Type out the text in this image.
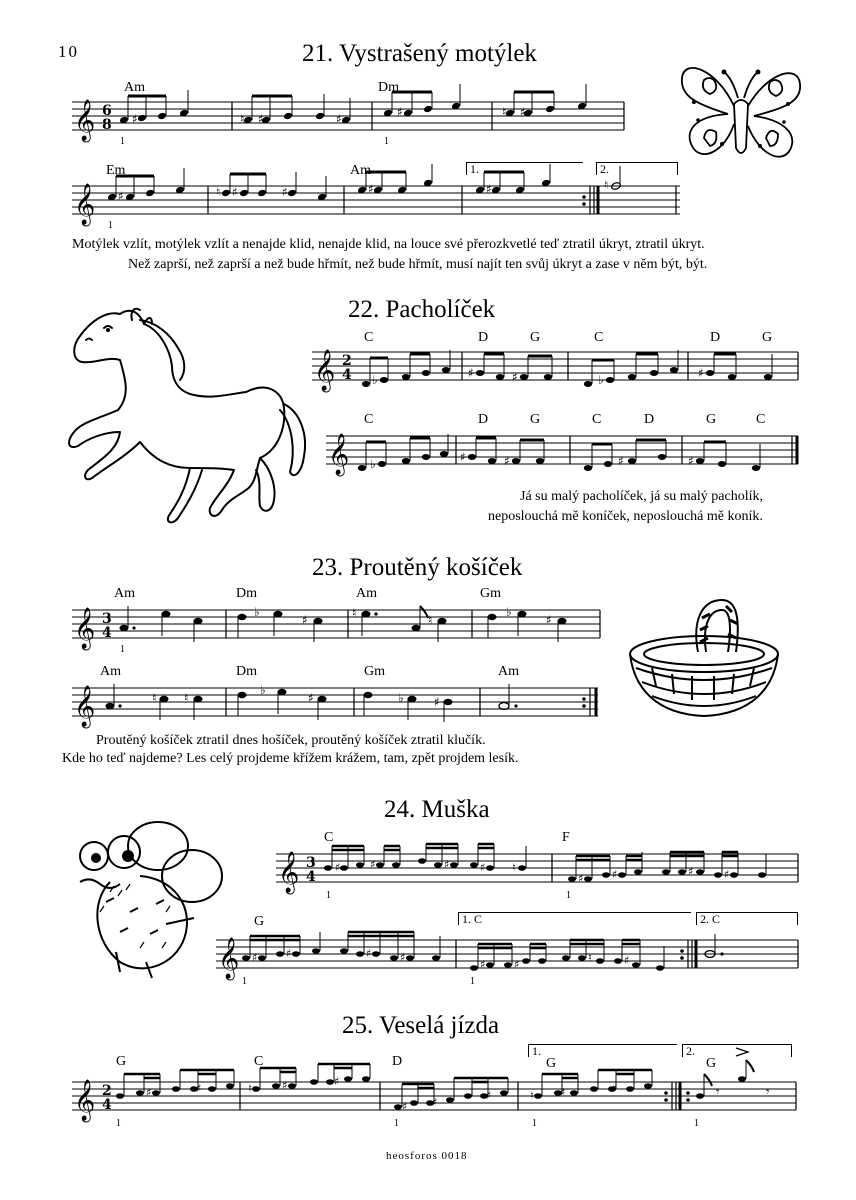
10	21. Vystrašený motýlek
Am	Dm
𝄞 6
8 ♯	♮ ♯	♯	♯	♮ ♯
1	1
Em	Am	1.	2.
𝄞 ♯	♮ ♯	♯	♯	♯	♮
1
Motýlek vzlít, motýlek vzlít a nenajde klid, nenajde klid, na louce své přerozkvetlé teď ztratil úkryt, ztratil úkryt.
Než zaprší, než zaprší a než bude hřmít, než bude hřmít, musí najít ten svůj úkryt a zase v něm být, být.
22. Pacholíček
C	D	G	C	D	G
𝄞 2
4 ♭	♯	♯	♭	♯
C	D	G	C	D	G	C
𝄞 ♭	♯	♯	♯	♯
Já su malý pacholíček, já su malý pacholík,
neposlouchá mě koníček, neposlouchá mě koník.
23. Proutěný košíček
Am	Dm	Am	Gm
𝄞 3
4
♭
♯	♮	♮
♭
♯
1
Am	Dm	Gm	Am
𝄞	♮ ♮
♭
♯	♭	♯
Proutěný košíček ztratil dnes hošíček, proutěný košíček ztratil klučík.
Kde ho teď najdeme? Les celý projdeme křížem krážem, tam, zpět projdem lesík.
24. Muška
C	F
𝄞 3
4
♯	♯	♯	♯ ♮
♯	♯	♯	♯
1	1
G	1. C	2. C
𝄞 ♯	♯	♯	♯
♯	♯
♮	♯
1	1
25. Veselá jízda
G	C	D
1.
G
2.
G
𝄞 2
4
𝄾	𝄾
♯	♯	♮	♯	♯
♯ ♯
♯	♮ ♯	♯
1	1	1	1
heosforos 0018
